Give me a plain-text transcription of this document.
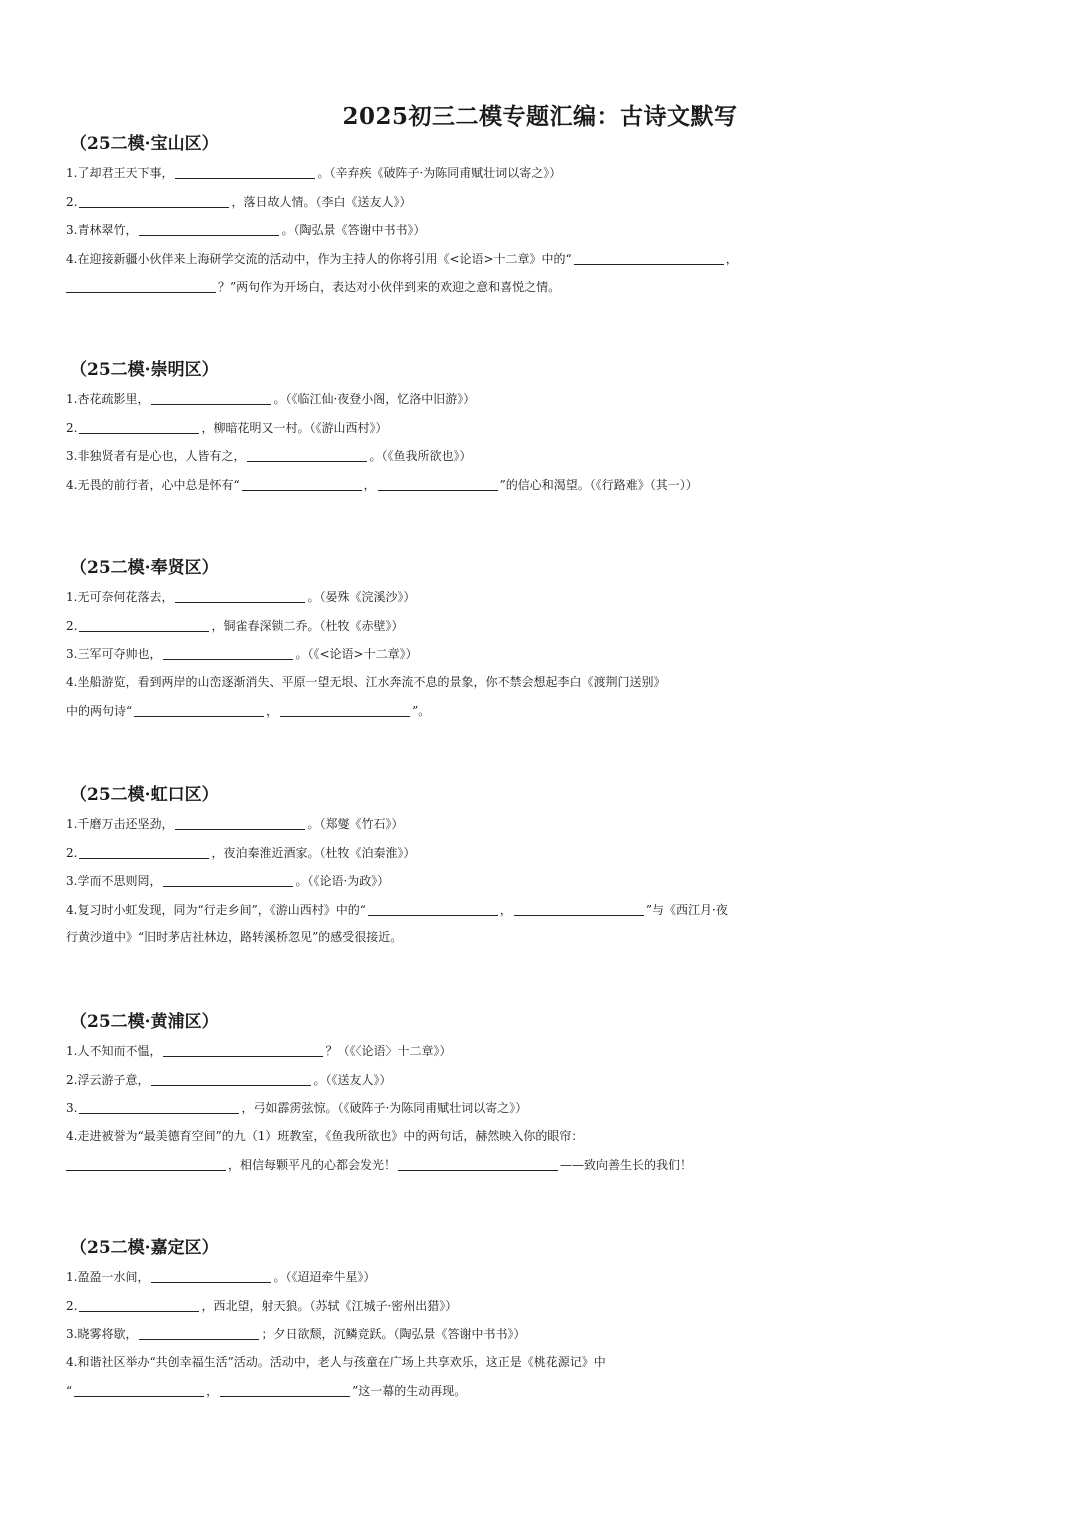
2025初三二模专题汇编：古诗文默写
（25二模·宝山区）
1.了却君王天下事，	。（辛弃疾《破阵子·为陈同甫赋壮词以寄之》）
2.	，落日故人情。（李白《送友人》）
3.青林翠竹，	。（陶弘景《答谢中书书》）
4.在迎接新疆小伙伴来上海研学交流的活动中，作为主持人的你将引用《<论语>十二章》中的“	，
？”两句作为开场白，表达对小伙伴到来的欢迎之意和喜悦之情。
（25二模·崇明区）
1.杏花疏影里，	。（《临江仙·夜登小阁，忆洛中旧游》）
2.	，柳暗花明又一村。（《游山西村》）
3.非独贤者有是心也，人皆有之，	。（《鱼我所欲也》）
4.无畏的前行者，心中总是怀有“	，	”的信心和渴望。（《行路难》（其一））
（25二模·奉贤区）
1.无可奈何花落去，	。（晏殊《浣溪沙》）
2.	，铜雀春深锁二乔。（杜牧《赤壁》）
3.三军可夺帅也，	。（《<论语>十二章》）
4.坐船游览，看到两岸的山峦逐渐消失、平原一望无垠、江水奔流不息的景象，你不禁会想起李白《渡荆门送别》
中的两句诗“	，	”。
（25二模·虹口区）
1.千磨万击还坚劲，	。（郑燮《竹石》）
2.	，夜泊秦淮近酒家。（杜牧《泊秦淮》）
3.学而不思则罔，	。（《论语·为政》）
4.复习时小虹发现，同为“行走乡间”，《游山西村》中的“	，	”与《西江月·夜
行黄沙道中》“旧时茅店社林边，路转溪桥忽见”的感受很接近。
（25二模·黄浦区）
1.人不知而不愠，	？（《〈论语〉十二章》）
2.浮云游子意，	。（《送友人》）
3.	，弓如霹雳弦惊。（《破阵子·为陈同甫赋壮词以寄之》）
4.走进被誉为“最美德育空间”的九（1）班教室，《鱼我所欲也》中的两句话，赫然映入你的眼帘：
，相信每颗平凡的心都会发光！	——致向善生长的我们！
（25二模·嘉定区）
1.盈盈一水间，	。（《迢迢牵牛星》）
2.	，西北望，射天狼。（苏轼《江城子·密州出猎》）
3.晓雾将歇，	；夕日欲颓，沉鳞竞跃。（陶弘景《答谢中书书》）
4.和谐社区举办“共创幸福生活”活动。活动中，老人与孩童在广场上共享欢乐，这正是《桃花源记》中
“	，	”这一幕的生动再现。
